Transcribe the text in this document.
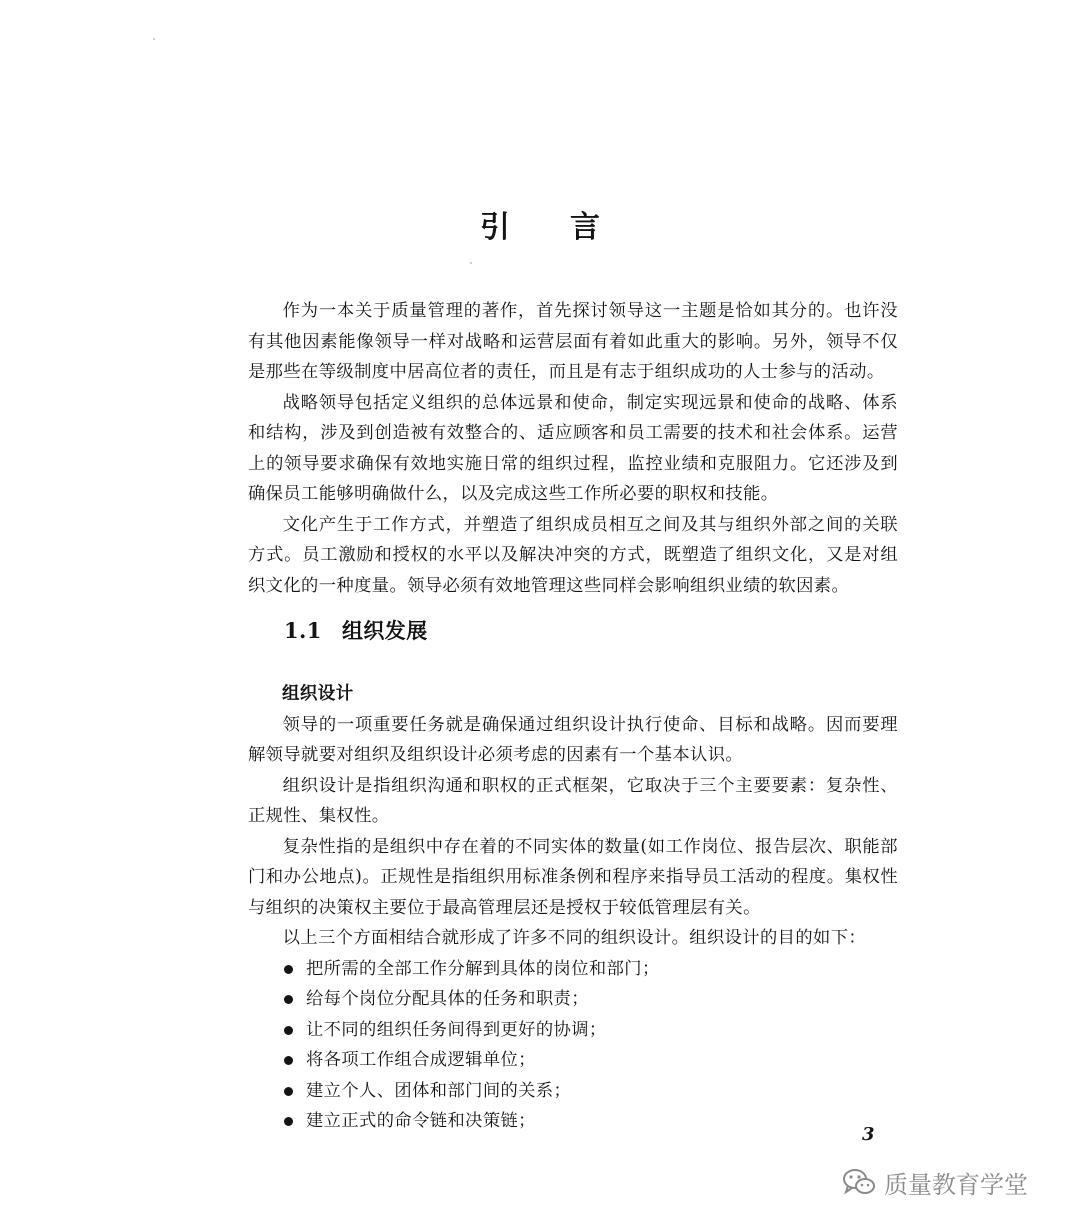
引 言

作为一本关于质量管理的著作，首先探讨领导这一主题是恰如其分的。也许没有其他因素能像领导一样对战略和运营层面有着如此重大的影响。另外，领导不仅是那些在等级制度中居高位者的责任，而且是有志于组织成功的人士参与的活动。

战略领导包括定义组织的总体远景和使命，制定实现远景和使命的战略、体系和结构，涉及到创造被有效整合的、适应顾客和员工需要的技术和社会体系。运营上的领导要求确保有效地实施日常的组织过程，监控业绩和克服阻力。它还涉及到确保员工能够明确做什么，以及完成这些工作所必要的职权和技能。

文化产生于工作方式，并塑造了组织成员相互之间及其与组织外部之间的关联方式。员工激励和授权的水平以及解决冲突的方式，既塑造了组织文化，又是对组织文化的一种度量。领导必须有效地管理这些同样会影响组织业绩的软因素。

1.1 组织发展
组织设计

领导的一项重要任务就是确保通过组织设计执行使命、目标和战略。因而要理解领导就要对组织及组织设计必须考虑的因素有一个基本认识。

组织设计是指组织沟通和职权的正式框架，它取决于三个主要要素：复杂性、正规性、集权性。

复杂性指的是组织中存在着的不同实体的数量(如工作岗位、报告层次、职能部门和办公地点)。正规性是指组织用标准条例和程序来指导员工活动的程度。集权性与组织的决策权主要位于最高管理层还是授权于较低管理层有关。

以上三个方面相结合就形成了许多不同的组织设计。组织设计的目的如下：

把所需的全部工作分解到具体的岗位和部门；
给每个岗位分配具体的任务和职责；
让不同的组织任务间得到更好的协调；
将各项工作组合成逻辑单位；
建立个人、团体和部门间的关系；
建立正式的命令链和决策链；
3
质量教育学堂
